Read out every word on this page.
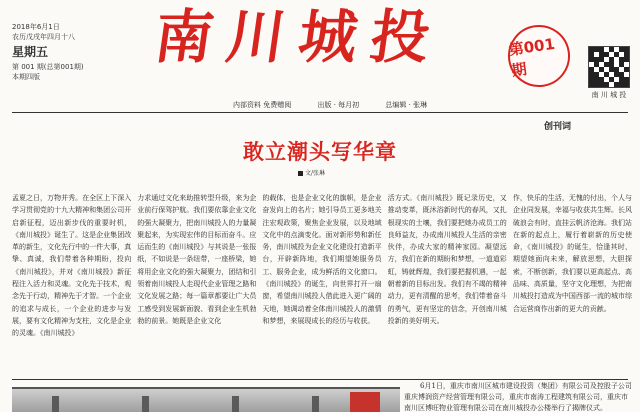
2018年6月1日
农历戊戌年四月十八
星期五
第 001 期(总第001期)
本期四版
南川城投	第001期
南 川 城 投
内部资料 免费赠阅	出版 · 每月初	总编辑 · 张琳
创刊词
敢立潮头写华章
文/张琳

孟夏之日，万物并秀。在全区上下深入学习贯彻党的十九大精神和集团公司开启新征程，迈出新步伐的重要时机，《南川城投》诞生了。这是企业集团改革的新生，文化先行中的一件大事，真挚、真诚，我们带着各种期盼，投向《南川城投》，并对《南川城投》新征程注入活力和灵魂。文化先于技术，观念先于行动，精神先于才智。一个企业的追求与成长，一个企业的进步与发展，要有文化精神为支柱，文化是企业的灵魂。《南川城投》

力求通过文化来助推转型升级，来为企业前行保驾护航。我们要依靠企业文化的强大凝聚力，把南川城投人的力量凝聚起来，为实现宏伟的目标而奋斗。应运而生的《南川城投》与其说是一张报纸，不如说是一条纽带，一座桥梁，她将用企业文化的强大凝聚力，团结和引领着南川城投人走现代企业管理之路和文化发展之路；每一篇章都要让广大员工感受到发展新面貌、看到企业生机勃勃的前景。她既是企业文化

的载体，也是企业文化的旗帜，是企业奋发向上的名片；她引导员工更多地关注宏观政策，聚焦企业发展，以及地域文化中的点滴变化。面对新形势和新任务，南川城投为企业文化建设打造新平台，开辟新阵地，我们期望她服务员工、服务企业，成为鲜活的文化窗口。《南川城投》的诞生，向世界打开一扇窗，希望南川城投人借此进入更广阔的天地，她调动着全体南川城投人的激情和梦想，来展现成长的经历与收获。

活方式。《南川城投》既记录历史，又推动变革，既沐浴新时代的春风，又扎根现实的土壤，我们要把她办成员工的良师益友，办成南川城投人生活的亲密伙伴，办成大家的精神家园。凝望远方，我们在新的期盼和梦想，一道道彩虹，铸就辉煌，我们要把握机遇，一起朝着新的目标出发。我们有不竭的精神动力，更有清醒的思考，我们带着奋斗的勇气，更有坚定的信念，开创南川城投新的美好明天。

作，快乐的生活，无愧的付出，个人与企业同发展，幸福与收获共生辉。长风破浪会有时，直挂云帆济沧海。我们站在新的起点上，履行着崭新的历史使命，《南川城投》的诞生，恰逢其时，期望她面向未来，解放思想，大胆探索，不断创新，我们要以更高起点、高品味、高质量，坚守文化理想，为把南川城投打造成为中国西部一流的城市综合运营商作出新的更大的贡献。

6月1日，重庆市南川区城市建设投资（集团）有限公司及控股子公司重庆博润资产经营管理有限公司，重庆市南涛工程建筑有限公司，重庆市南川区博旺物业管理有限公司在南川城投办公楼举行了揭牌仪式。
